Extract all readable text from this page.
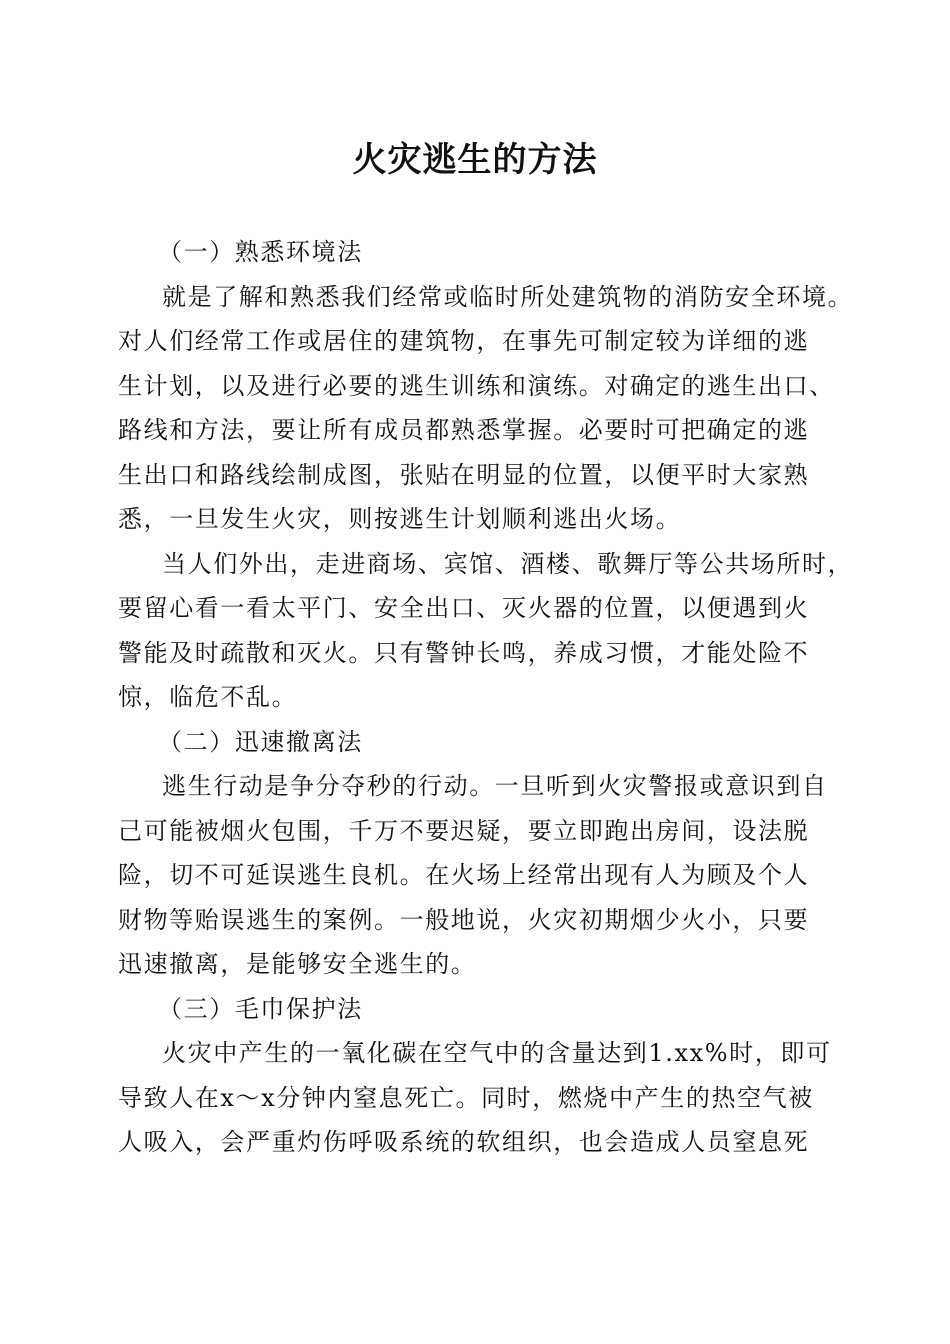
火灾逃生的方法
（一）熟悉环境法
就是了解和熟悉我们经常或临时所处建筑物的消防安全环境。
对人们经常工作或居住的建筑物，在事先可制定较为详细的逃
生计划，以及进行必要的逃生训练和演练。对确定的逃生出口、
路线和方法，要让所有成员都熟悉掌握。必要时可把确定的逃
生出口和路线绘制成图，张贴在明显的位置，以便平时大家熟
悉，一旦发生火灾，则按逃生计划顺利逃出火场。
当人们外出，走进商场、宾馆、酒楼、歌舞厅等公共场所时，
要留心看一看太平门、安全出口、灭火器的位置，以便遇到火
警能及时疏散和灭火。只有警钟长鸣，养成习惯，才能处险不
惊，临危不乱。
（二）迅速撤离法
逃生行动是争分夺秒的行动。一旦听到火灾警报或意识到自
己可能被烟火包围，千万不要迟疑，要立即跑出房间，设法脱
险，切不可延误逃生良机。在火场上经常出现有人为顾及个人
财物等贻误逃生的案例。一般地说，火灾初期烟少火小，只要
迅速撤离，是能够安全逃生的。
（三）毛巾保护法
火灾中产生的一氧化碳在空气中的含量达到1.xx%时，即可
导致人在x～x分钟内窒息死亡。同时，燃烧中产生的热空气被
人吸入，会严重灼伤呼吸系统的软组织，也会造成人员窒息死
